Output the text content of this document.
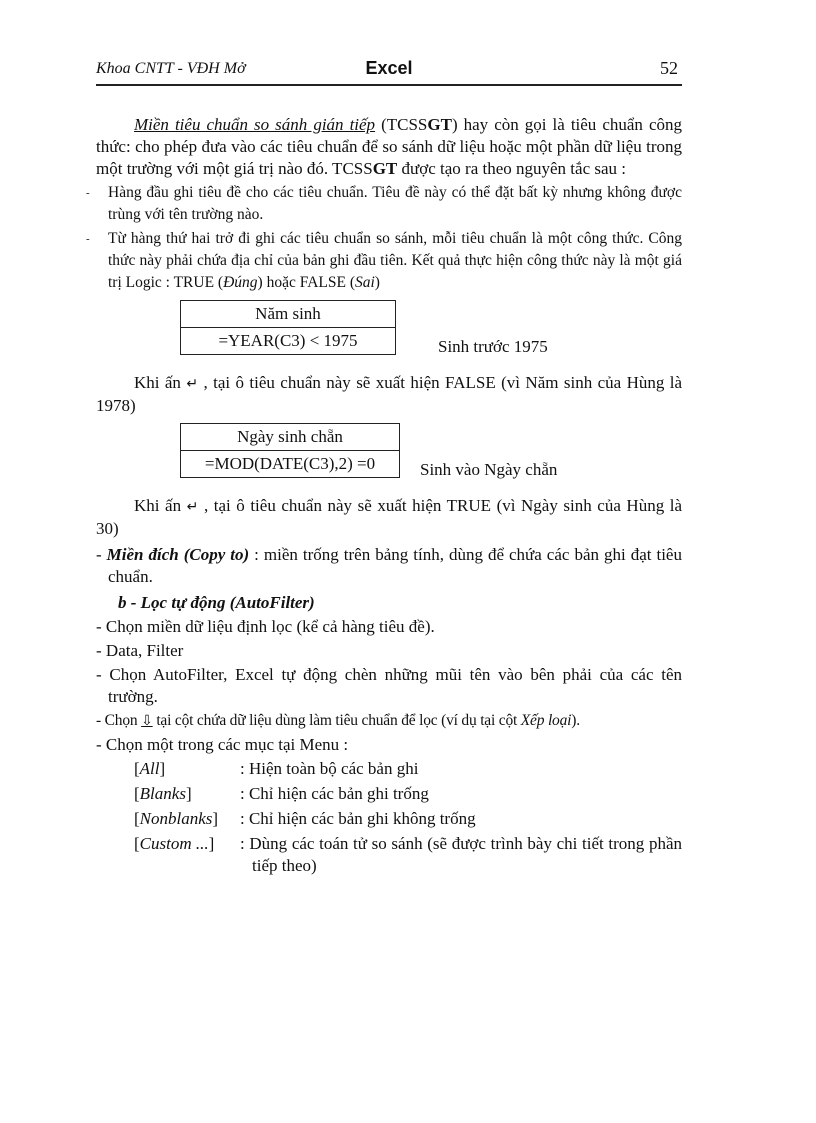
Khoa CNTT - VĐH Mở	Excel	52

Miền tiêu chuẩn so sánh gián tiếp (TCSSGT) hay còn gọi là tiêu chuẩn công thức: cho phép đưa vào các tiêu chuẩn để so sánh dữ liệu hoặc một phần dữ liệu trong một trường với một giá trị nào đó. TCSSGT được tạo ra theo nguyên tắc sau :

- Hàng đầu ghi tiêu đề cho các tiêu chuẩn. Tiêu đề này có thể đặt bất kỳ nhưng không được trùng với tên trường nào.

- Từ hàng thứ hai trở đi ghi các tiêu chuẩn so sánh, mỗi tiêu chuẩn là một công thức. Công thức này phải chứa địa chỉ của bản ghi đầu tiên. Kết quả thực hiện công thức này là một giá trị Logic : TRUE (Đúng) hoặc FALSE (Sai)

Năm sinh
=YEAR(C3) < 1975	Sinh trước 1975

Khi ấn ↵ , tại ô tiêu chuẩn này sẽ xuất hiện FALSE (vì Năm sinh của Hùng là 1978)

Ngày sinh chẵn
=MOD(DATE(C3),2) =0	Sinh vào Ngày chẵn

Khi ấn ↵ , tại ô tiêu chuẩn này sẽ xuất hiện TRUE (vì Ngày sinh của Hùng là 30)

- Miền đích (Copy to) : miền trống trên bảng tính, dùng để chứa các bản ghi đạt tiêu chuẩn.

b - Lọc tự động (AutoFilter)

- Chọn miền dữ liệu định lọc (kể cả hàng tiêu đề).

- Data, Filter

- Chọn AutoFilter, Excel tự động chèn những mũi tên vào bên phải của các tên trường.

- Chọn ⇩ tại cột chứa dữ liệu dùng làm tiêu chuẩn để lọc (ví dụ tại cột Xếp loại).

- Chọn một trong các mục tại Menu :

[All]	: Hiện toàn bộ các bản ghi
[Blanks]	: Chỉ hiện các bản ghi trống
[Nonblanks]	: Chỉ hiện các bản ghi không trống
[Custom ...]	: Dùng các toán tử so sánh (sẽ được trình bày chi tiết trong phần tiếp theo)
